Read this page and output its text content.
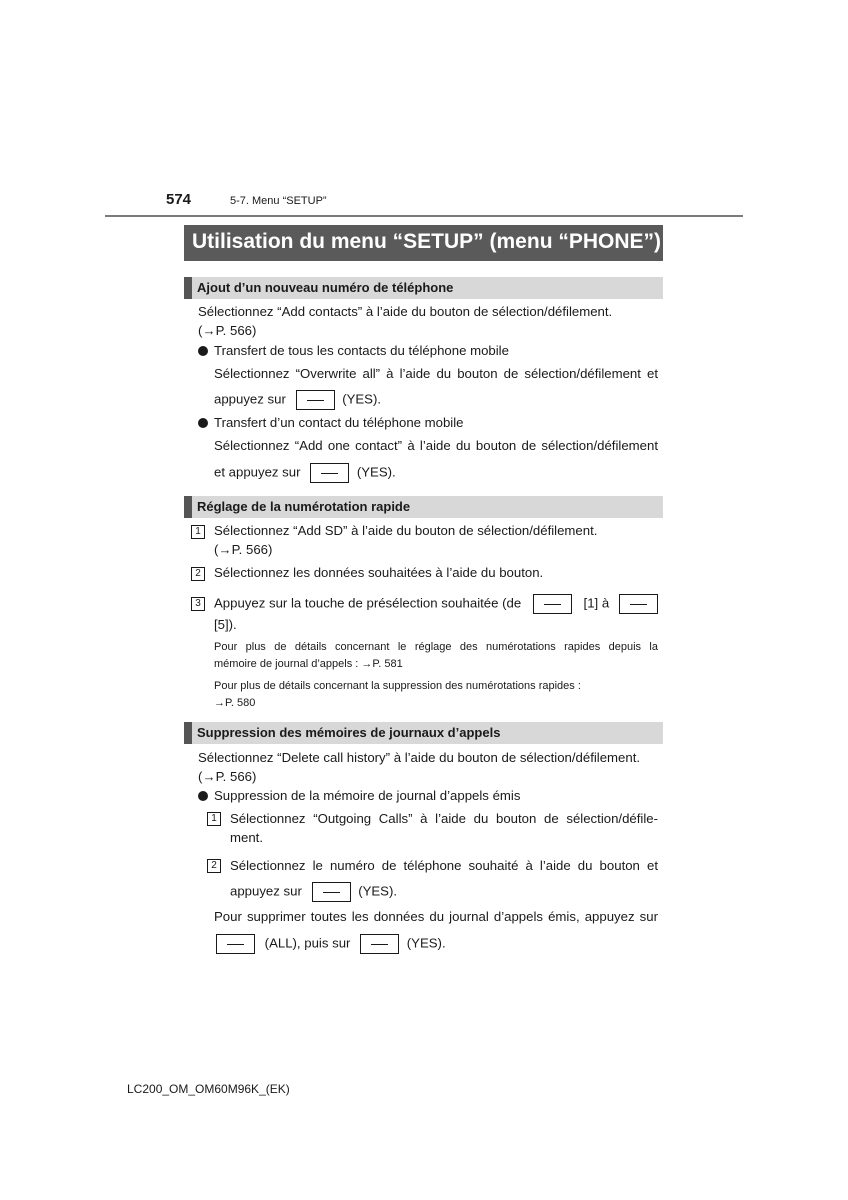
574	5-7. Menu “SETUP”
Utilisation du menu “SETUP” (menu “PHONE”)
Ajout d’un nouveau numéro de téléphone
Sélectionnez “Add contacts” à l’aide du bouton de sélection/défilement.
(→P. 566)
Transfert de tous les contacts du téléphone mobile
Sélectionnez “Overwrite all” à l’aide du bouton de sélection/défilement et
appuyez sur	(YES).
Transfert d’un contact du téléphone mobile
Sélectionnez “Add one contact” à l’aide du bouton de sélection/défilement
et appuyez sur	(YES).
Réglage de la numérotation rapide
1	Sélectionnez “Add SD” à l’aide du bouton de sélection/défilement.
(→P. 566)
2	Sélectionnez les données souhaitées à l’aide du bouton.
3	Appuyez sur la touche de présélection souhaitée (de	[1] à
[5]).
Pour plus de détails concernant le réglage des numérotations rapides depuis la
mémoire de journal d’appels : →P. 581
Pour plus de détails concernant la suppression des numérotations rapides :
→P. 580
Suppression des mémoires de journaux d’appels
Sélectionnez “Delete call history” à l’aide du bouton de sélection/défilement.
(→P. 566)
Suppression de la mémoire de journal d’appels émis
1	Sélectionnez “Outgoing Calls” à l’aide du bouton de sélection/défile-
ment.
2	Sélectionnez le numéro de téléphone souhaité à l’aide du bouton et
appuyez sur	(YES).
Pour supprimer toutes les données du journal d’appels émis, appuyez sur
(ALL), puis sur	(YES).
LC200_OM_OM60M96K_(EK)
